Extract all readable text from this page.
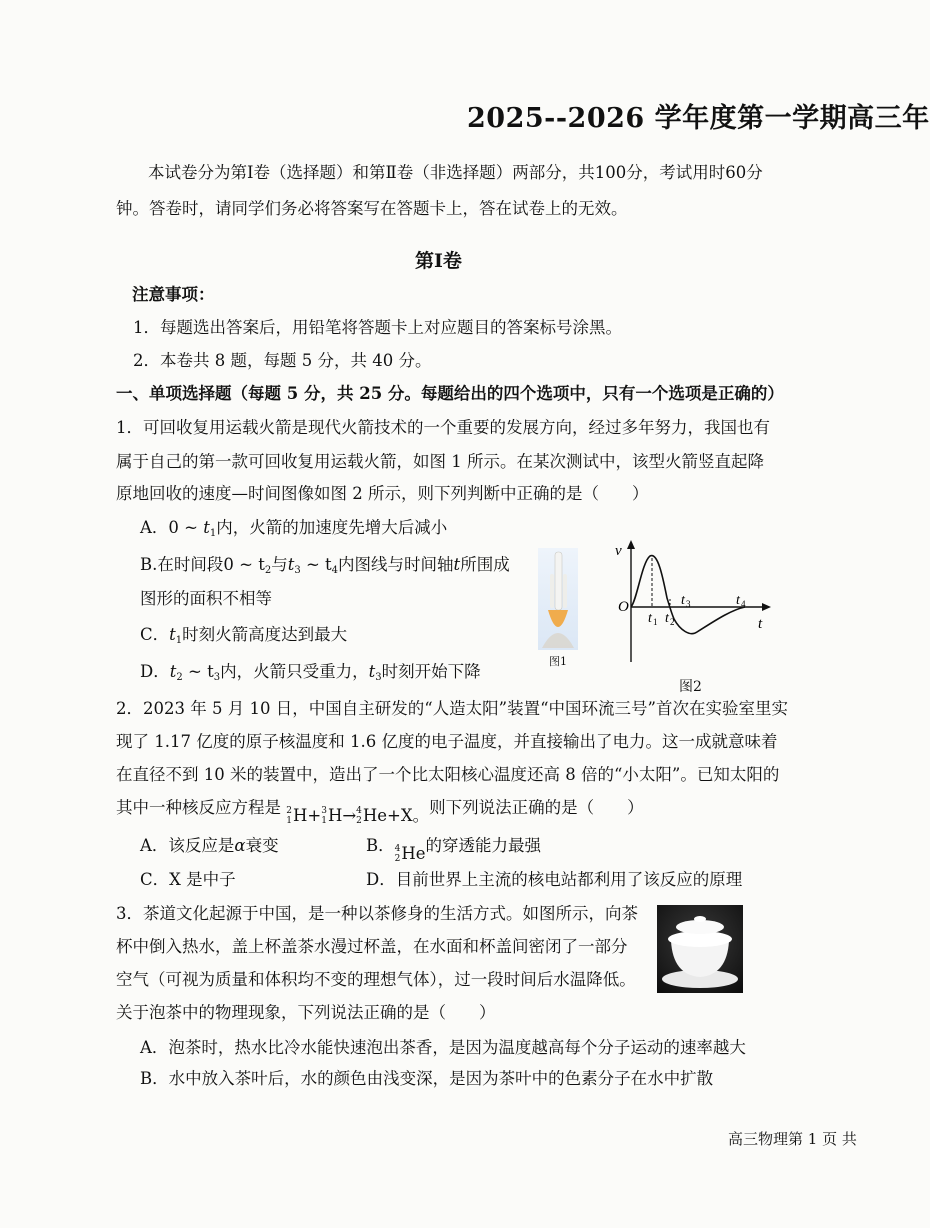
2025--2026 学年度第一学期高三年
本试卷分为第Ⅰ卷（选择题）和第Ⅱ卷（非选择题）两部分，共100分，考试用时60分
钟。答卷时，请同学们务必将答案写在答题卡上，答在试卷上的无效。
第Ⅰ卷
注意事项：
1．每题选出答案后，用铅笔将答题卡上对应题目的答案标号涂黑。
2．本卷共 8 题，每题 5 分，共 40 分。
一、单项选择题（每题 5 分，共 25 分。每题给出的四个选项中，只有一个选项是正确的）
1．可回收复用运载火箭是现代火箭技术的一个重要的发展方向，经过多年努力，我国也有
属于自己的第一款可回收复用运载火箭，如图 1 所示。在某次测试中，该型火箭竖直起降
原地回收的速度—时间图像如图 2 所示，则下列判断中正确的是（　　）
A．0 ~ $t_1$内，火箭的加速度先增大后减小
B.在时间段0 ~ $t_2$与$t_3$ ~ $t_4$内图线与时间轴t所围成
图形的面积不相等
C．$t_1$时刻火箭高度达到最大
D．$t_2$ ~ $t_3$内，火箭只受重力，$t_3$时刻开始下降
图1
v
O
t
t 1 t 2
t 3	t 4
图2
2．2023 年 5 月 10 日，中国自主研发的“人造太阳”装置“中国环流三号”首次在实验室里实
现了 1.17 亿度的原子核温度和 1.6 亿度的电子温度，并直接输出了电力。这一成就意味着
在直径不到 10 米的装置中，造出了一个比太阳核心温度还高 8 倍的“小太阳”。已知太阳的
其中一种核反应方程是 2
1 H + 3
1 H → 4
2 He +X 。 则下列说法正确的是（　　）
A．该反应是α衰变	B． 4
2 He 的穿透能力最强
C．X 是中子	D．目前世界上主流的核电站都利用了该反应的原理
3．茶道文化起源于中国，是一种以茶修身的生活方式。如图所示，向茶
杯中倒入热水，盖上杯盖茶水漫过杯盖，在水面和杯盖间密闭了一部分
空气（可视为质量和体积均不变的理想气体），过一段时间后水温降低。
关于泡茶中的物理现象，下列说法正确的是（　　）
A．泡茶时，热水比冷水能快速泡出茶香，是因为温度越高每个分子运动的速率越大
B．水中放入茶叶后，水的颜色由浅变深，是因为茶叶中的色素分子在水中扩散
高三物理第 1 页 共
